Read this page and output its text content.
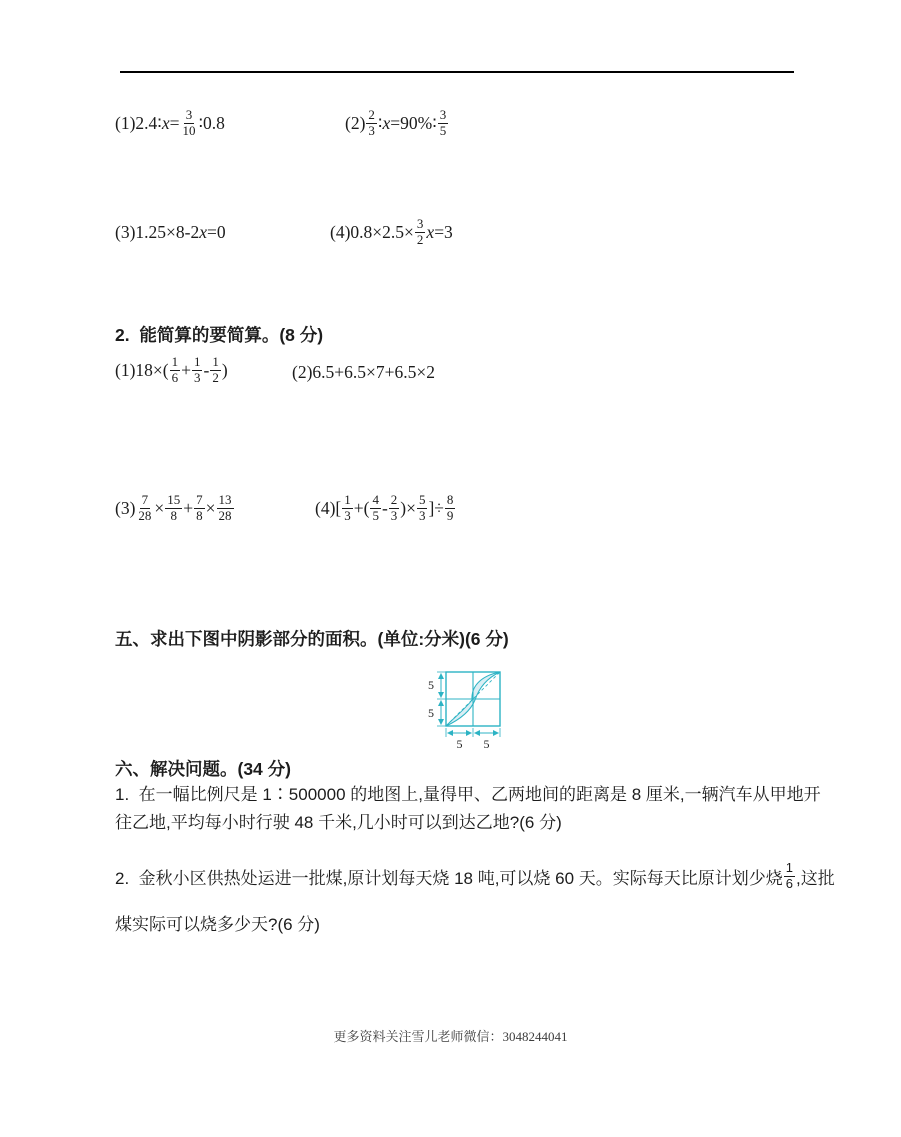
(1)2.4∶ $x = \frac{3}{10}$ ∶0.8	$(2) \frac{2}{3}$ ∶ x =90%∶ $\frac{3}{5}$
(3)1.25×8-2 x =0	$(4)0.8\times 2.5\times \frac{3}{2}$ x =3
2.  能简算的要简算。(8 分)
$(1)18\times( \frac{1}{6} + \frac{1}{3} - \frac{1}{2}$ )	(2)6.5+6.5×7+6.5×2
$(3) \frac{7}{28} \times \frac{15}{8} + \frac{7}{8} \times \frac{13}{28}$	$(4)[ \frac{1}{3}$ +( $\frac{4}{5} - \frac{2}{3}$ )× $\frac{5}{3}$ ]÷ $\frac{8}{9}$
五、求出下图中阴影部分的面积。(单位:分米)(6 分)
5
5
5 5
六、解决问题。(34 分)
1.  在一幅比例尺是 1∶500000 的地图上,量得甲、乙两地间的距离是 8 厘米,一辆汽车从甲地开
往乙地,平均每小时行驶 48 千米,几小时可以到达乙地?(6 分)
2.  金秋小区供热处运进一批煤,原计划每天烧 18 吨,可以烧 60 天。实际每天比原计划少烧 $\frac{1}{6}$ ,这批
煤实际可以烧多少天?(6 分)
更多资料关注雪儿老师微信：3048244041
